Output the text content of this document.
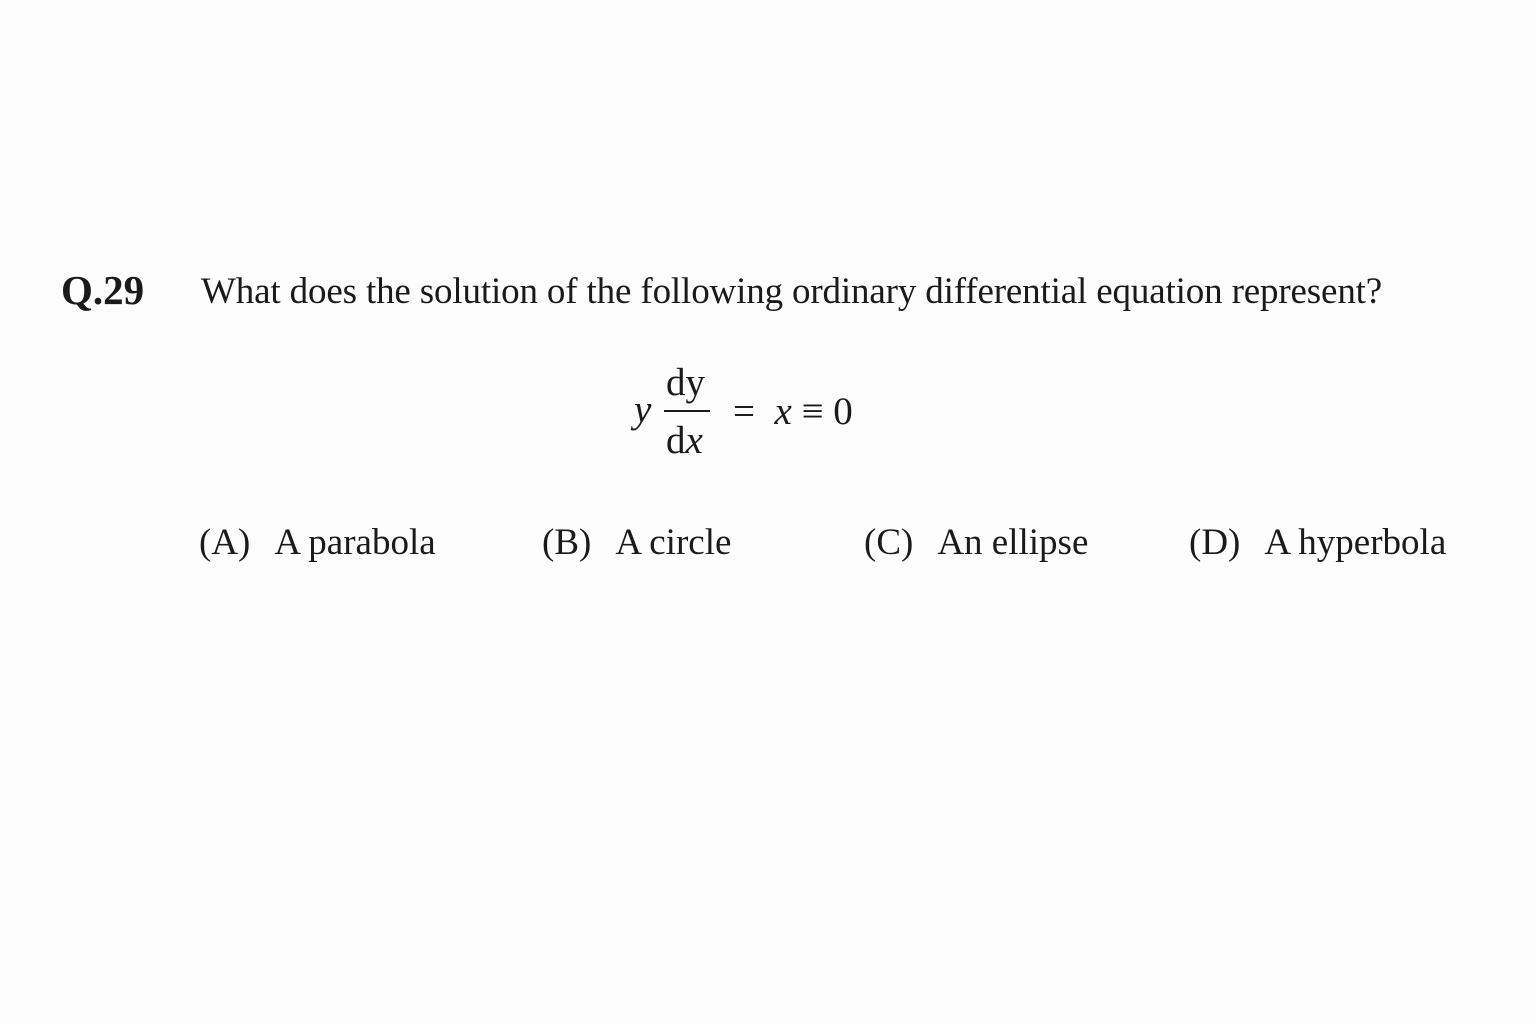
Q.29 What does the solution of the following ordinary differential equation represent?
y
dy
dx
= x ≡ 0
(A) A parabola	(B) A circle	(C) An ellipse	(D) A hyperbola
